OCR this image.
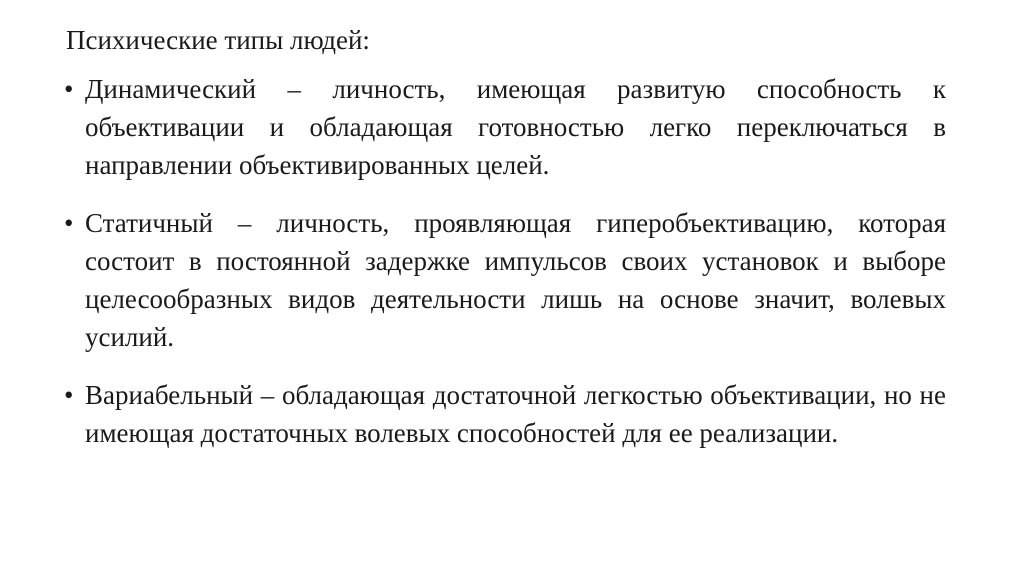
Психические типы людей:
• Динамический – личность, имеющая развитую способность к объективации и обладающая готовностью легко переключаться в направлении объективированных целей.
• Статичный – личность, проявляющая гиперобъективацию, которая состоит в постоянной задержке импульсов своих установок и выборе целесообразных видов деятельности лишь на основе значит, волевых усилий.
• Вариабельный – обладающая достаточной легкостью объективации, но не имеющая достаточных волевых способностей для ее реализации.
